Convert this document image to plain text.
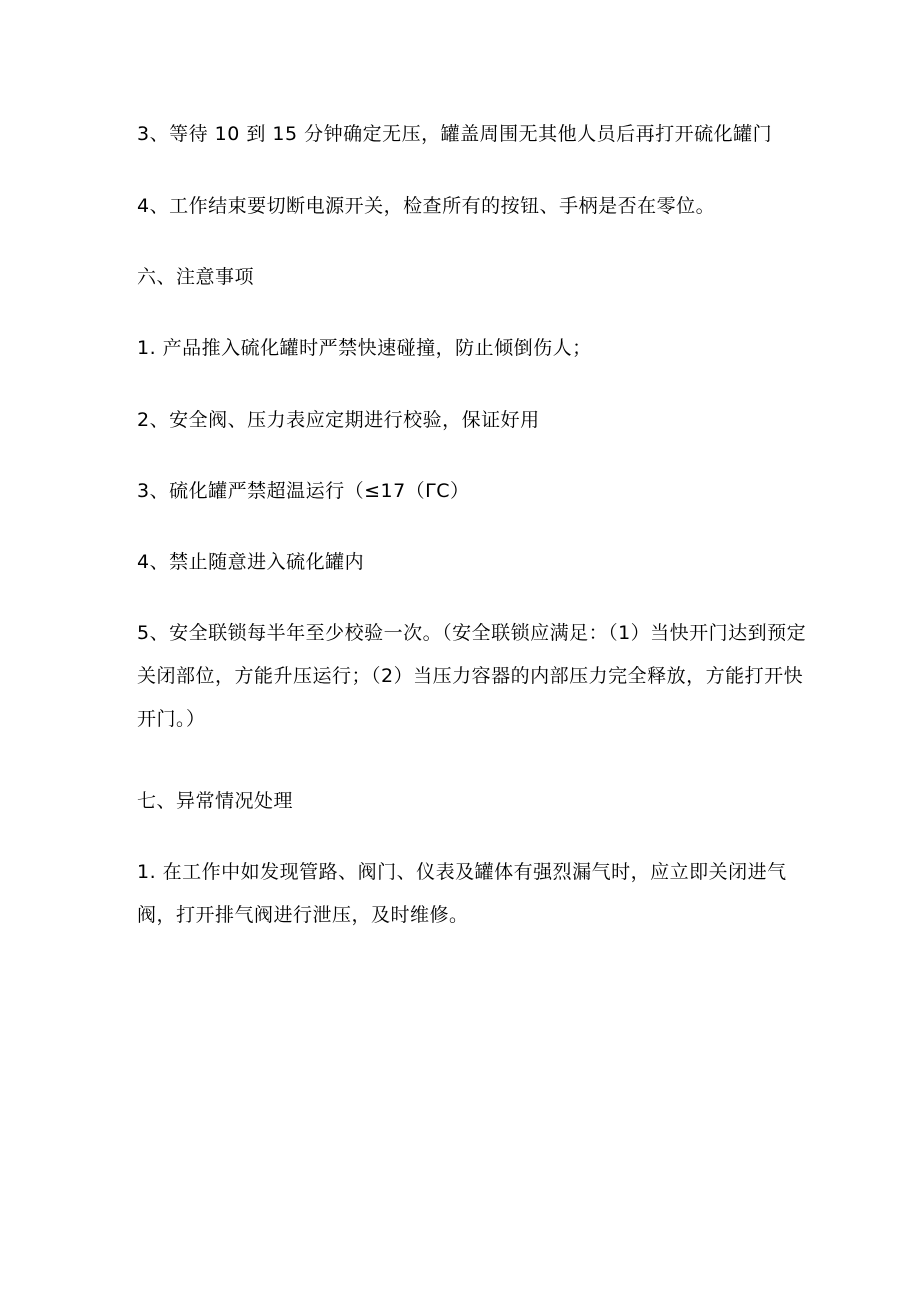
3、等待 10 到 15 分钟确定无压，罐盖周围无其他人员后再打开硫化罐门

4、工作结束要切断电源开关，检查所有的按钮、手柄是否在零位。

六、注意事项

1. 产品推入硫化罐时严禁快速碰撞，防止倾倒伤人；

2、安全阀、压力表应定期进行校验，保证好用

3、硫化罐严禁超温运行（≤17（ΓC）

4、禁止随意进入硫化罐内

5、安全联锁每半年至少校验一次。（安全联锁应满足：（1）当快开门达到预定关闭部位，方能升压运行；（2）当压力容器的内部压力完全释放，方能打开快开门。）

七、异常情况处理

1. 在工作中如发现管路、阀门、仪表及罐体有强烈漏气时，应立即关闭进气阀，打开排气阀进行泄压，及时维修。
